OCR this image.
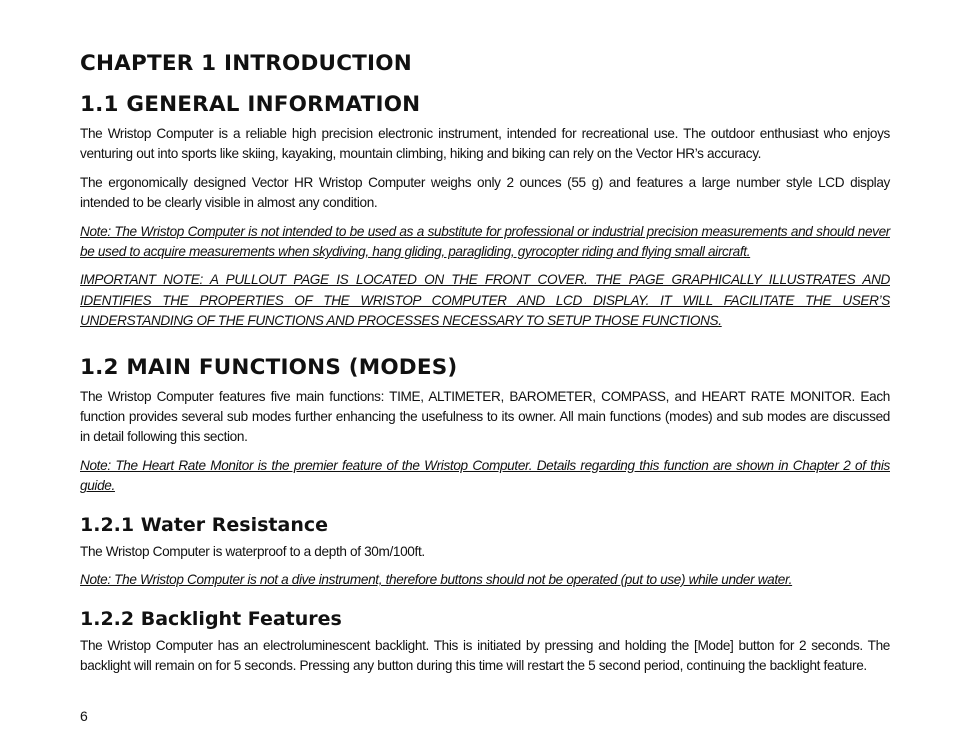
CHAPTER 1 INTRODUCTION
1.1 GENERAL INFORMATION

The Wristop Computer is a reliable high precision electronic instrument, intended for recreational use. The outdoor enthusiast who enjoys venturing out into sports like skiing, kayaking, mountain climbing, hiking and biking can rely on the Vector HR’s accuracy.

The ergonomically designed Vector HR Wristop Computer weighs only 2 ounces (55 g) and features a large number style LCD display intended to be clearly visible in almost any condition.

Note: The Wristop Computer is not intended to be used as a substitute for professional or industrial precision measurements and should never be used to acquire measurements when skydiving, hang gliding, paragliding, gyrocopter riding and flying small aircraft.

IMPORTANT NOTE: A PULLOUT PAGE IS LOCATED ON THE FRONT COVER. THE PAGE GRAPHICALLY ILLUSTRATES AND IDENTIFIES THE PROPERTIES OF THE WRISTOP COMPUTER AND LCD DISPLAY. IT WILL FACILITATE THE USER’S UNDERSTANDING OF THE FUNCTIONS AND PROCESSES NECESSARY TO SETUP THOSE FUNCTIONS.

1.2 MAIN FUNCTIONS (MODES)

The Wristop Computer features five main functions: TIME, ALTIMETER, BAROMETER, COMPASS, and HEART RATE MONITOR. Each function provides several sub modes further enhancing the usefulness to its owner. All main functions (modes) and sub modes are discussed in detail following this section.

Note: The Heart Rate Monitor is the premier feature of the Wristop Computer. Details regarding this function are shown in Chapter 2 of this guide.

1.2.1 Water Resistance

The Wristop Computer is waterproof to a depth of 30m/100ft.

Note: The Wristop Computer is not a dive instrument, therefore buttons should not be operated (put to use) while under water.

1.2.2 Backlight Features

The Wristop Computer has an electroluminescent backlight. This is initiated by pressing and holding the [Mode] button for 2 seconds. The backlight will remain on for 5 seconds. Pressing any button during this time will restart the 5 second period, continuing the backlight feature.

6
